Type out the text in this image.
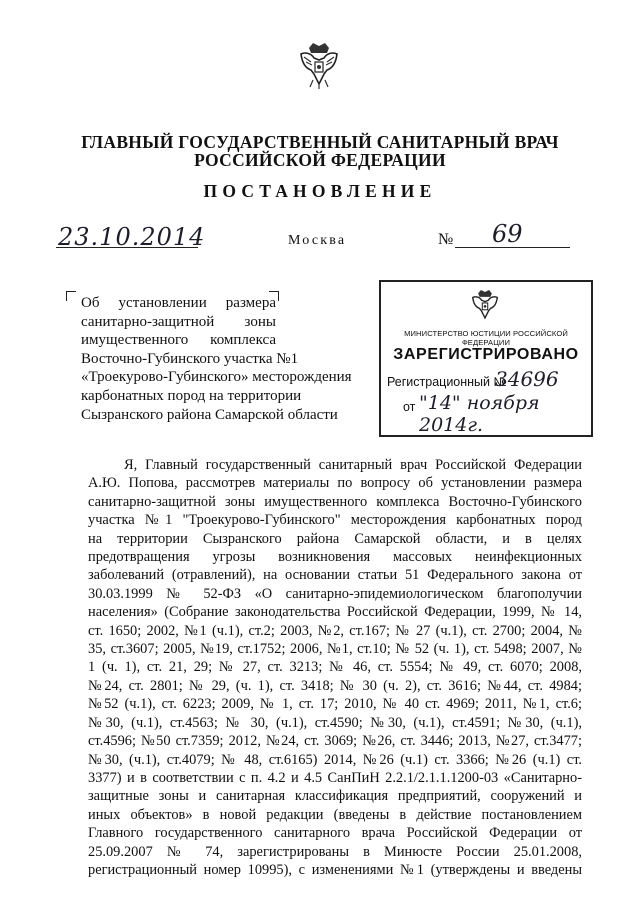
ГЛАВНЫЙ ГОСУДАРСТВЕННЫЙ САНИТАРНЫЙ ВРАЧ
РОССИЙСКОЙ ФЕДЕРАЦИИ
ПОСТАНОВЛЕНИЕ
23.10.2014	Москва	№ 69
Об установлении размера
санитарно-защитной зоны
имущественного комплекса
Восточно-Губинского участка №1
«Троекурово-Губинского» месторождения
карбонатных пород на территории
Сызранского района Самарской области
МИНИСТЕРСТВО ЮСТИЦИИ РОССИЙСКОЙ ФЕДЕРАЦИИ
ЗАРЕГИСТРИРОВАНО
Регистрационный №
34696
от "14" ноября 2014г.
Я, Главный государственный санитарный врач Российской Федерации
А.Ю. Попова, рассмотрев материалы по вопросу об установлении размера
санитарно-защитной зоны имущественного комплекса Восточно-Губинского
участка №1 "Троекурово-Губинского" месторождения карбонатных пород
на территории Сызранского района Самарской области, и в целях
предотвращения угрозы возникновения массовых неинфекционных
заболеваний (отравлений), на основании статьи 51 Федерального закона от
30.03.1999 № 52-ФЗ «О санитарно-эпидемиологическом благополучии
населения» (Собрание законодательства Российской Федерации, 1999, № 14,
ст. 1650; 2002, №1 (ч.1), ст.2; 2003, №2, ст.167; № 27 (ч.1), ст. 2700; 2004, №
35, ст.3607; 2005, №19, ст.1752; 2006, №1, ст.10; № 52 (ч. 1), ст. 5498; 2007, №
1 (ч. 1), ст. 21, 29; № 27, ст. 3213; № 46, ст. 5554; № 49, ст. 6070; 2008,
№24, ст. 2801; № 29, (ч. 1), ст. 3418; № 30 (ч. 2), ст. 3616; №44, ст. 4984;
№52 (ч.1), ст. 6223; 2009, № 1, ст. 17; 2010, № 40 ст. 4969; 2011, №1, ст.6;
№30, (ч.1), ст.4563; № 30, (ч.1), ст.4590; №30, (ч.1), ст.4591; №30, (ч.1),
ст.4596; №50 ст.7359; 2012, №24, ст. 3069; №26, ст. 3446; 2013, №27, ст.3477;
№30, (ч.1), ст.4079; № 48, ст.6165) 2014, №26 (ч.1) ст. 3366; №26 (ч.1) ст.
3377) и в соответствии с п. 4.2 и 4.5 СанПиН 2.2.1/2.1.1.1200-03 «Санитарно-
защитные зоны и санитарная классификация предприятий, сооружений и
иных объектов» в новой редакции (введены в действие постановлением
Главного государственного санитарного врача Российской Федерации от
25.09.2007 № 74, зарегистрированы в Минюсте России 25.01.2008,
регистрационный номер 10995), с изменениями №1 (утверждены и введены
